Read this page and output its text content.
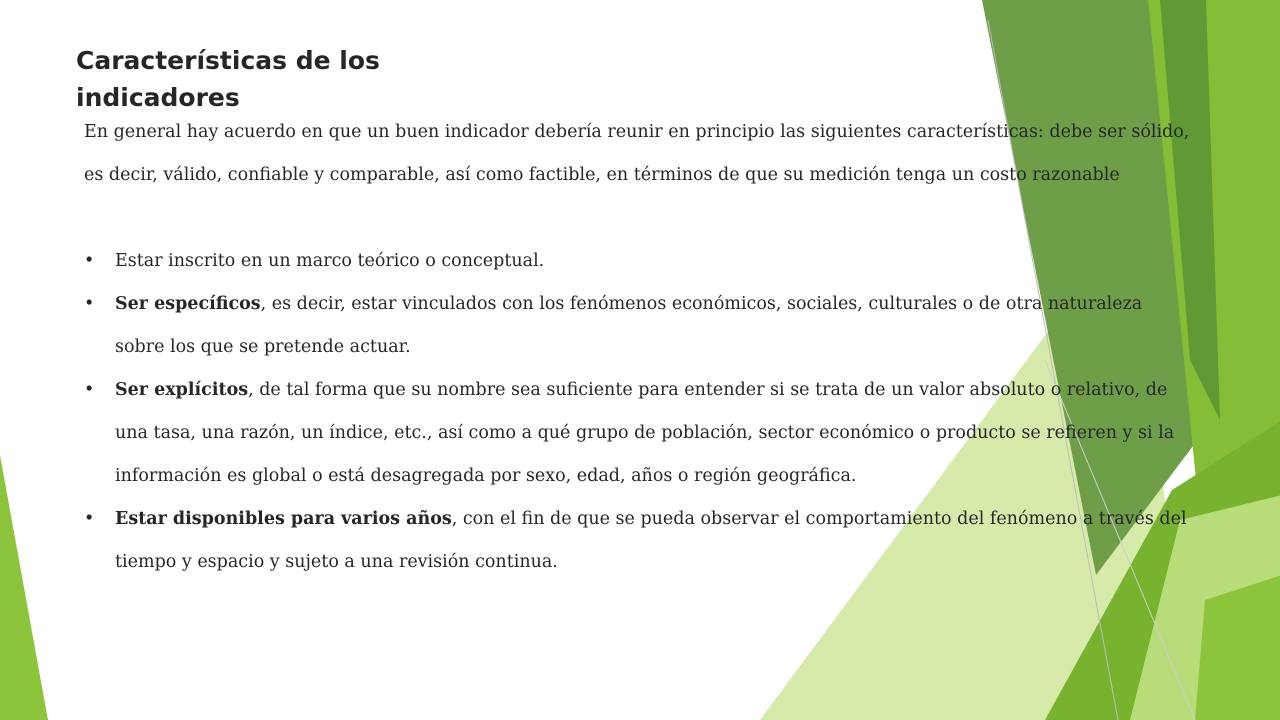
Características de los indicadores

En general hay acuerdo en que un buen indicador debería reunir en principio las siguientes características: debe ser sólido, es decir, válido, confiable y comparable, así como factible, en términos de que su medición tenga un costo razonable

• Estar inscrito en un marco teórico o conceptual.
• Ser específicos, es decir, estar vinculados con los fenómenos económicos, sociales, culturales o de otra naturaleza sobre los que se pretende actuar.
• Ser explícitos, de tal forma que su nombre sea suficiente para entender si se trata de un valor absoluto o relativo, de una tasa, una razón, un índice, etc., así como a qué grupo de población, sector económico o producto se refieren y si la información es global o está desagregada por sexo, edad, años o región geográfica.
• Estar disponibles para varios años, con el fin de que se pueda observar el comportamiento del fenómeno a través del tiempo y espacio y sujeto a una revisión continua.
